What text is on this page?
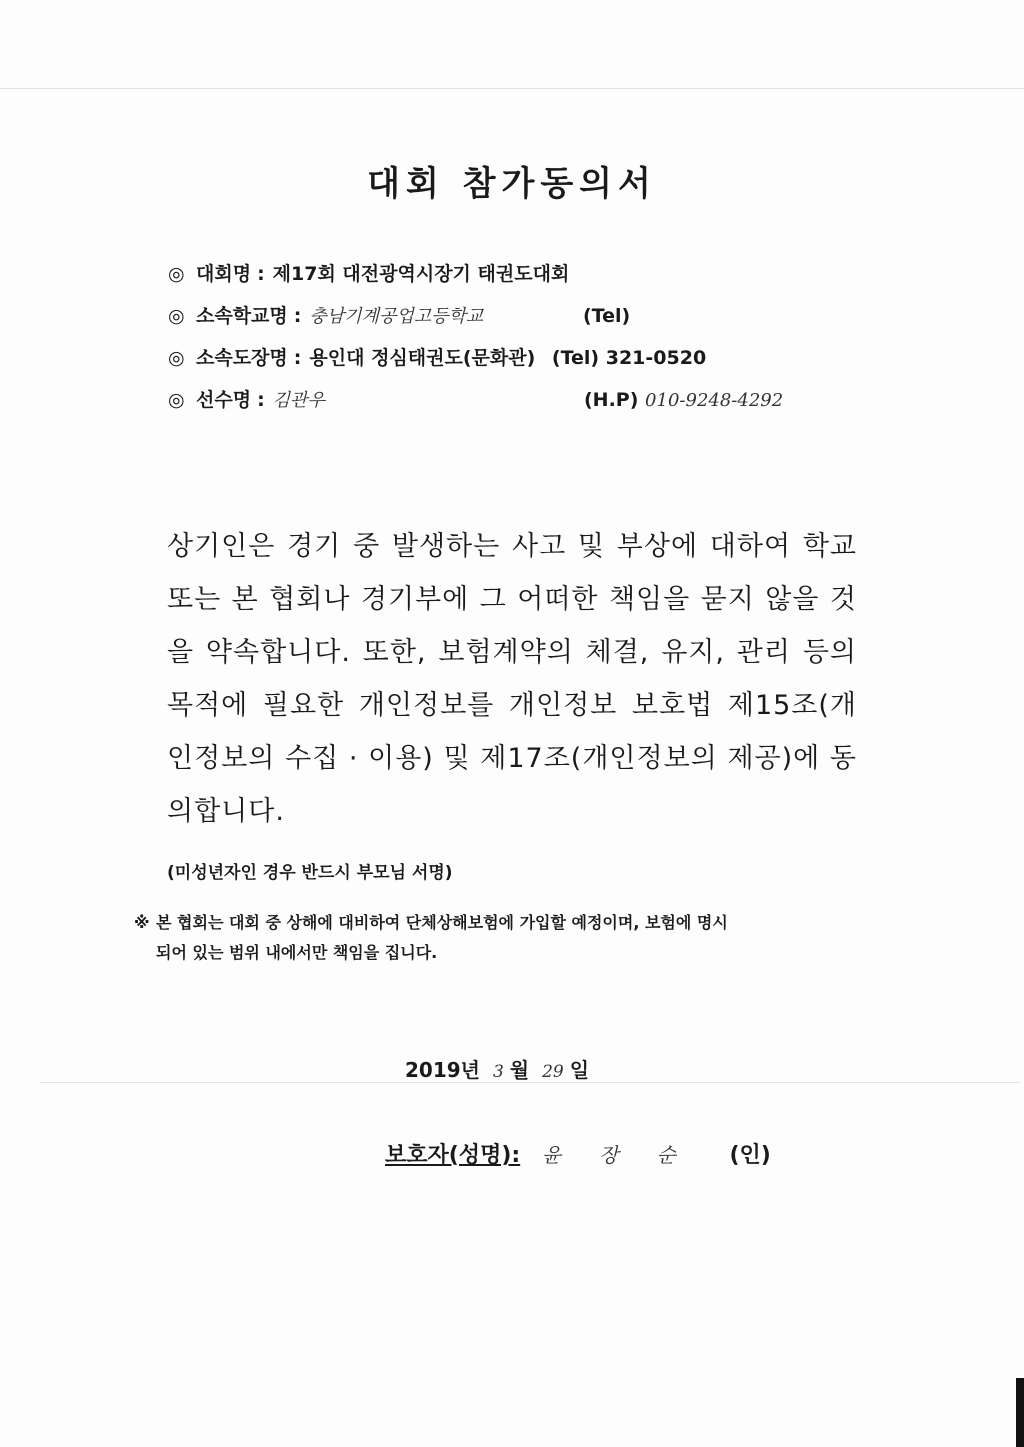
대회 참가동의서
◎ 대회명 : 제17회 대전광역시장기 태권도대회
◎ 소속학교명 : 충남기계공업고등학교	(Tel)
◎ 소속도장명 : 용인대 정심태권도(문화관) (Tel) 321-0520
◎ 선수명 : 김관우	(H.P) 010-9248-4292

상기인은 경기 중 발생하는 사고 및 부상에 대하여 학교 또는 본 협회나 경기부에 그 어떠한 책임을 묻지 않을 것을 약속합니다. 또한, 보험계약의 체결, 유지, 관리 등의 목적에 필요한 개인정보를 개인정보 보호법 제15조(개인정보의 수집 · 이용) 및 제17조(개인정보의 제공)에 동의합니다.

(미성년자인 경우 반드시 부모님 서명)
※ 본 협회는 대회 중 상해에 대비하여 단체상해보험에 가입할 예정이며, 보험에 명시
되어 있는 범위 내에서만 책임을 집니다.
2019년 3 월 29 일
보호자(성명): 윤장순 (인)
